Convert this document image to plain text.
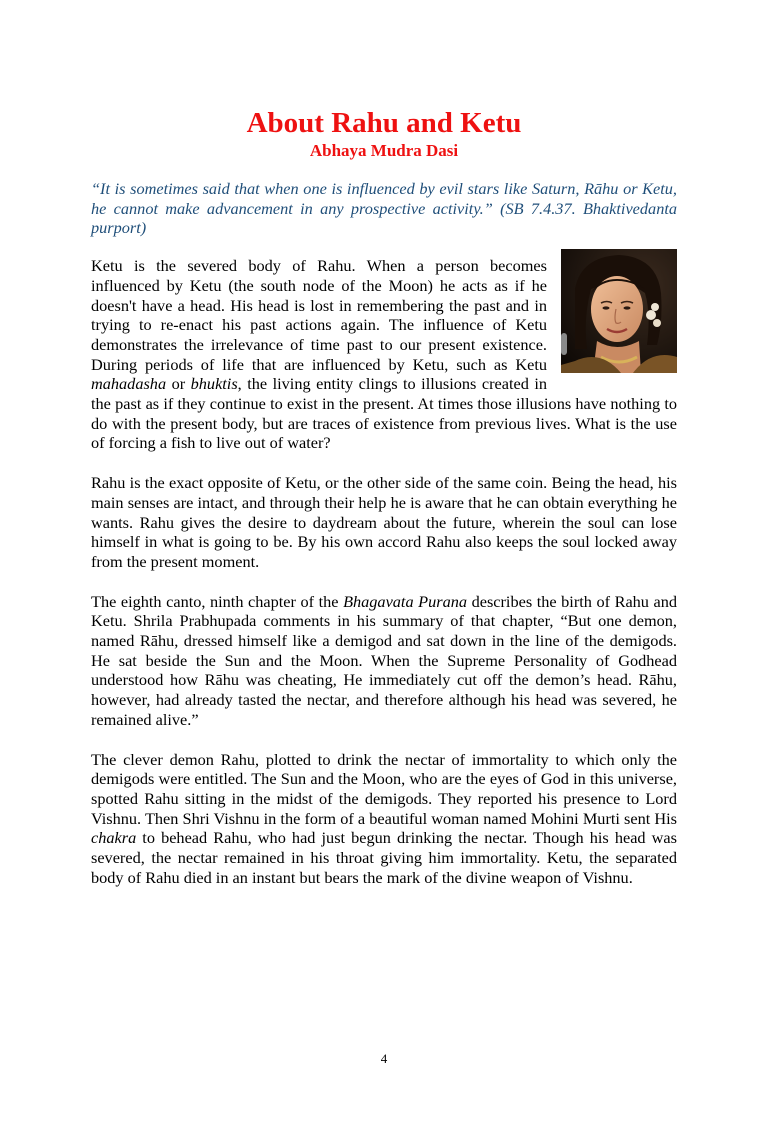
About Rahu and Ketu

Abhaya Mudra Dasi

“It is sometimes said that when one is influenced by evil stars like Saturn, Rāhu or Ketu, he cannot make advancement in any prospective activity.” (SB 7.4.37. Bhaktivedanta purport)

Ketu is the severed body of Rahu. When a person becomes influenced by Ketu (the south node of the Moon) he acts as if he doesn't have a head. His head is lost in remembering the past and in trying to re-enact his past actions again. The influence of Ketu demonstrates the irrelevance of time past to our present existence. During periods of life that are influenced by Ketu, such as Ketu mahadasha or bhuktis, the living entity clings to illusions created in the past as if they continue to exist in the present. At times those illusions have nothing to do with the present body, but are traces of existence from previous lives. What is the use of forcing a fish to live out of water?

Rahu is the exact opposite of Ketu, or the other side of the same coin. Being the head, his main senses are intact, and through their help he is aware that he can obtain everything he wants. Rahu gives the desire to daydream about the future, wherein the soul can lose himself in what is going to be. By his own accord Rahu also keeps the soul locked away from the present moment.

The eighth canto, ninth chapter of the Bhagavata Purana describes the birth of Rahu and Ketu. Shrila Prabhupada comments in his summary of that chapter, “But one demon, named Rāhu, dressed himself like a demigod and sat down in the line of the demigods. He sat beside the Sun and the Moon. When the Supreme Personality of Godhead understood how Rāhu was cheating, He immediately cut off the demon’s head. Rāhu, however, had already tasted the nectar, and therefore although his head was severed, he remained alive.”

The clever demon Rahu, plotted to drink the nectar of immortality to which only the demigods were entitled. The Sun and the Moon, who are the eyes of God in this universe, spotted Rahu sitting in the midst of the demigods. They reported his presence to Lord Vishnu. Then Shri Vishnu in the form of a beautiful woman named Mohini Murti sent His chakra to behead Rahu, who had just begun drinking the nectar. Though his head was severed, the nectar remained in his throat giving him immortality. Ketu, the separated body of Rahu died in an instant but bears the mark of the divine weapon of Vishnu.

4
